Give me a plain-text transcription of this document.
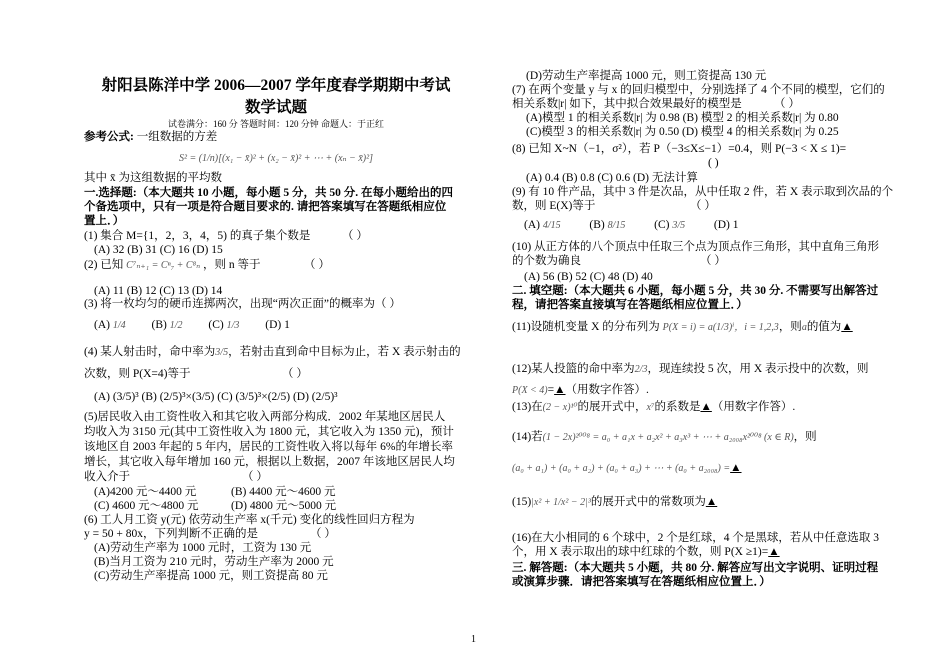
射阳县陈洋中学 2006—2007 学年度春学期期中考试
数学试题
试卷满分：160 分 答题时间：120 分钟 命题人：于正红
参考公式: 一组数据的方差
S² = (1/n)[(x₁ − x̄)² + (x₂ − x̄)² + ⋯ + (xₙ − x̄)²]
其中 x̄ 为这组数据的平均数
一.选择题:（本大题共 10 小题，每小题 5 分，共 50 分. 在每小题给出的四
个备选项中，只有一项是符合题目要求的. 请把答案填写在答题纸相应位
置上．）
(1) 集合 M={1，2，3，4，5) 的真子集个数是	（ ）
(A) 32 (B) 31 (C) 16 (D) 15
(2) 已知 C⁷ₙ₊₁ = Cⁿ₇ + C⁸ₙ ，则 n 等于	（ ）
(A) 11 (B) 12 (C) 13 (D) 14
(3) 将一枚均匀的硬币连掷两次，出现“两次正面”的概率为（ ）
(A) 1/4 (B) 1/2 (C) 1/3 (D) 1
(4) 某人射击时，命中率为3/5，若射击直到命中目标为止，若 X 表示射击的
次数，则 P(X=4)等于	（ ）
(A) (3/5)³ (B) (2/5)³×(3/5) (C) (3/5)³×(2/5) (D) (2/5)³
(5)居民收入由工资性收入和其它收入两部分构成．2002 年某地区居民人
均收入为 3150 元(其中工资性收入为 1800 元，其它收入为 1350 元)，预计
该地区自 2003 年起的 5 年内，居民的工资性收入将以每年 6%的年增长率
增长，其它收入每年增加 160 元，根据以上数据，2007 年该地区居民人均
收入介于	（ ）
(A)4200 元～4400 元	(B) 4400 元～4600 元
(C) 4600 元～4800 元	(D) 4800 元～5000 元
(6) 工人月工资 y(元) 依劳动生产率 x(千元) 变化的线性回归方程为
y = 50 + 80x，下列判断不正确的是	（ ）
(A)劳动生产率为 1000 元时，工资为 130 元
(B)当月工资为 210 元时，劳动生产率为 2000 元
(C)劳动生产率提高 1000 元，则工资提高 80 元
(D)劳动生产率提高 1000 元，则工资提高 130 元
(7) 在两个变量 y 与 x 的回归模型中，分别选择了 4 个不同的模型，它们的
相关系数|r| 如下，其中拟合效果最好的模型是	（ ）
(A)模型 1 的相关系数|r| 为 0.98 (B) 模型 2 的相关系数|r| 为 0.80
(C)模型 3 的相关系数|r| 为 0.50 (D) 模型 4 的相关系数|r| 为 0.25
(8) 已知 X~N（−1，σ²），若 P（−3≤X≤−1）=0.4，则 P(−3 < X ≤ 1)=
( )
(A) 0.4 (B) 0.8 (C) 0.6 (D) 无法计算
(9) 有 10 件产品，其中 3 件是次品，从中任取 2 件，若 X 表示取到次品的个
数，则 E(X)等于	（ ）
(A) 4/15	(B) 8/15	(C) 3/5	(D) 1
(10) 从正方体的八个顶点中任取三个点为顶点作三角形，其中直角三角形
的个数为确良	（ ）
(A) 56 (B) 52 (C) 48 (D) 40
二. 填空题:（本大题共 6 小题，每小题 5 分，共 30 分. 不需要写出解答过
程，请把答案直接填写在答题纸相应位置上．）
(11)设随机变量 X 的分布列为 P(X = i) = a(1/3)ⁱ，i = 1,2,3，则a的值为▲
(12)某人投篮的命中率为2/3，现连续投 5 次，用 X 表示投中的次数，则
P(X < 4)=▲（用数字作答）.
(13)在(2 − x)¹⁰的展开式中，x⁷的系数是▲（用数字作答）.
(14)若(1 − 2x)²⁰⁰⁸ = a₀ + a₁x + a₂x² + a₃x³ + ⋯ + a₂₀₀₈x²⁰⁰⁸ (x ∈ R)，则
(a₀ + a₁) + (a₀ + a₂) + (a₀ + a₃) + ⋯ + (a₀ + a₂₀₀₈) =▲
(15)|x² + 1/x² − 2|³的展开式中的常数项为▲
(16)在大小相同的 6 个球中，2 个是红球，4 个是黑球，若从中任意选取 3
个，用 X 表示取出的球中红球的个数，则 P(X ≥1)=▲
三. 解答题:（本大题共 5 小题，共 80 分. 解答应写出文字说明、证明过程
或演算步骤．请把答案填写在答题纸相应位置上．）
1
